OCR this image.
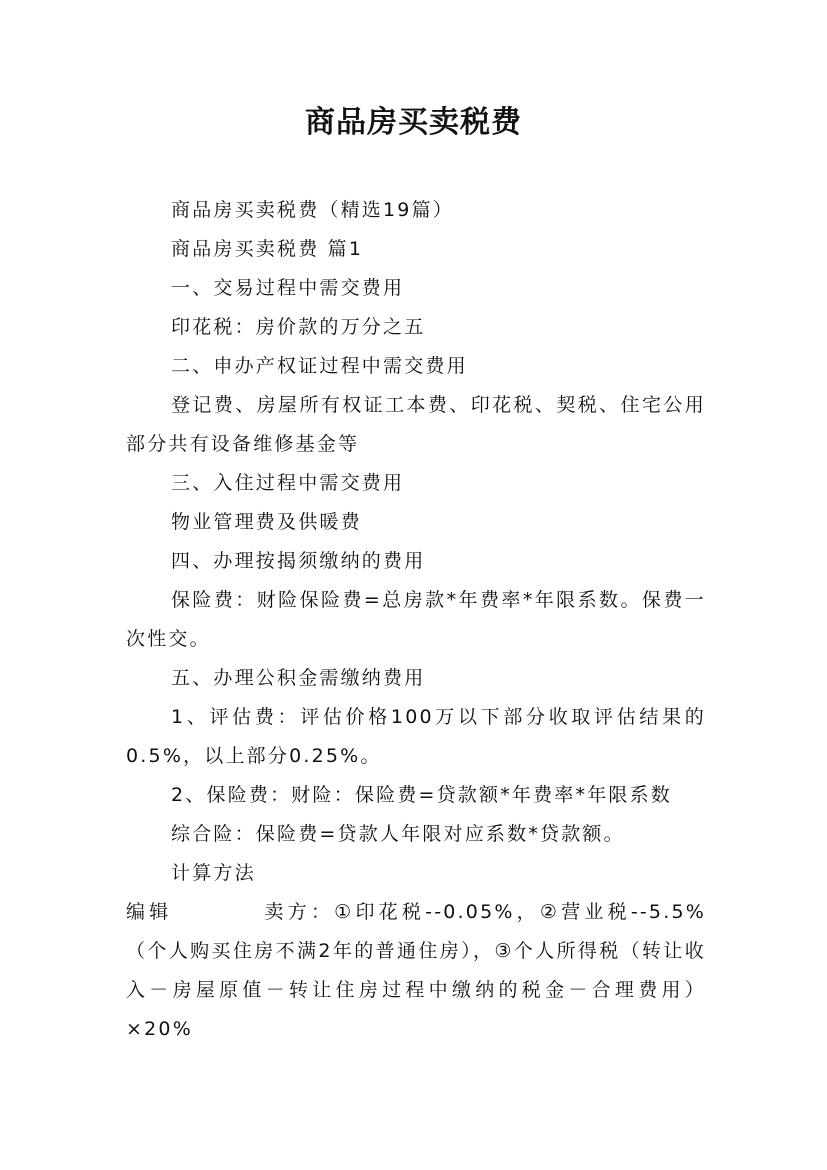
商品房买卖税费

商品房买卖税费（精选19篇）

商品房买卖税费 篇1

一、交易过程中需交费用

印花税：房价款的万分之五

二、申办产权证过程中需交费用

登记费、房屋所有权证工本费、印花税、契税、住宅公用部分共有设备维修基金等

三、入住过程中需交费用

物业管理费及供暖费

四、办理按揭须缴纳的费用

保险费：财险保险费=总房款*年费率*年限系数。保费一次性交。

五、办理公积金需缴纳费用

1、评估费：评估价格100万以下部分收取评估结果的0.5%，以上部分0.25%。

2、保险费：财险：保险费=贷款额*年费率*年限系数

综合险：保险费=贷款人年限对应系数*贷款额。

计算方法

编辑	卖方：①印花税--0.05%，②营业税--5.5%（个人购买住房不满2年的普通住房），③个人所得税（转让收入－房屋原值－转让住房过程中缴纳的税金－合理费用）×20%
